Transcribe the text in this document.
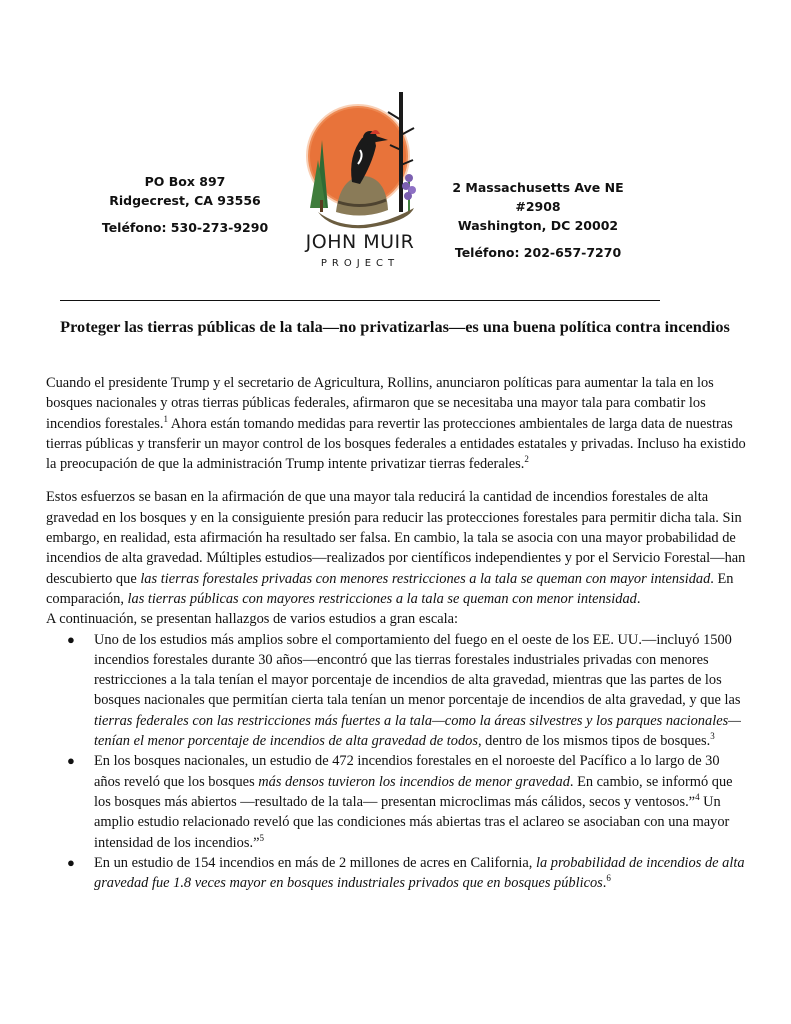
PO Box 897
Ridgecrest, CA 93556
Teléfono: 530-273-9290
JOHN MUIR
PROJECT
2 Massachusetts Ave NE #2908
Washington, DC 20002
Teléfono: 202-657-7270
Proteger las tierras públicas de la tala—no privatizarlas—es una buena política contra incendios

Cuando el presidente Trump y el secretario de Agricultura, Rollins, anunciaron políticas para aumentar la tala en los bosques nacionales y otras tierras públicas federales, afirmaron que se necesitaba una mayor tala para combatir los incendios forestales.$^1$ Ahora están tomando medidas para revertir las protecciones ambientales de larga data de nuestras tierras públicas y transferir un mayor control de los bosques federales a entidades estatales y privadas. Incluso ha existido la preocupación de que la administración Trump intente privatizar tierras federales.$^2$

Estos esfuerzos se basan en la afirmación de que una mayor tala reducirá la cantidad de incendios forestales de alta gravedad en los bosques y en la consiguiente presión para reducir las protecciones forestales para permitir dicha tala. Sin embargo, en realidad, esta afirmación ha resultado ser falsa. En cambio, la tala se asocia con una mayor probabilidad de incendios de alta gravedad. Múltiples estudios—realizados por científicos independientes y por el Servicio Forestal—han descubierto que las tierras forestales privadas con menores restricciones a la tala se queman con mayor intensidad. En comparación, las tierras públicas con mayores restricciones a la tala se queman con menor intensidad.

A continuación, se presentan hallazgos de varios estudios a gran escala:

● Uno de los estudios más amplios sobre el comportamiento del fuego en el oeste de los EE. UU.—incluyó 1500 incendios forestales durante 30 años—encontró que las tierras forestales industriales privadas con menores restricciones a la tala tenían el mayor porcentaje de incendios de alta gravedad, mientras que las partes de los bosques nacionales que permitían cierta tala tenían un menor porcentaje de incendios de alta gravedad, y que las tierras federales con las restricciones más fuertes a la tala—como la áreas silvestres y los parques nacionales—tenían el menor porcentaje de incendios de alta gravedad de todos, dentro de los mismos tipos de bosques.$^3$
● En los bosques nacionales, un estudio de 472 incendios forestales en el noroeste del Pacífico a lo largo de 30 años reveló que los bosques más densos tuvieron los incendios de menor gravedad. En cambio, se informó que los bosques más abiertos —resultado de la tala— presentan microclimas más cálidos, secos y ventosos.”$^4$ Un amplio estudio relacionado reveló que las condiciones más abiertas tras el aclareo se asociaban con una mayor intensidad de los incendios.”$^5$
● En un estudio de 154 incendios en más de 2 millones de acres en California, la probabilidad de incendios de alta gravedad fue 1.8 veces mayor en bosques industriales privados que en bosques públicos.$^6$
